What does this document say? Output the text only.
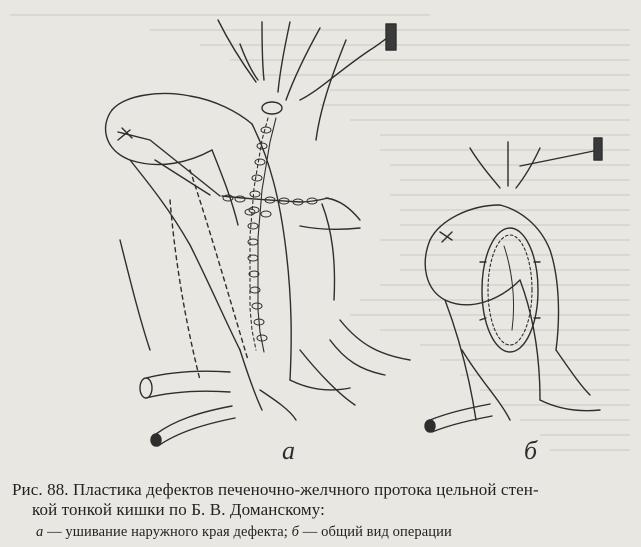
а	б
Рис. 88. Пластика дефектов печеночно-желчного протока цельной стен-
кой тонкой кишки по Б. В. Доманскому:
а — ушивание наружного края дефекта; б — общий вид операции
